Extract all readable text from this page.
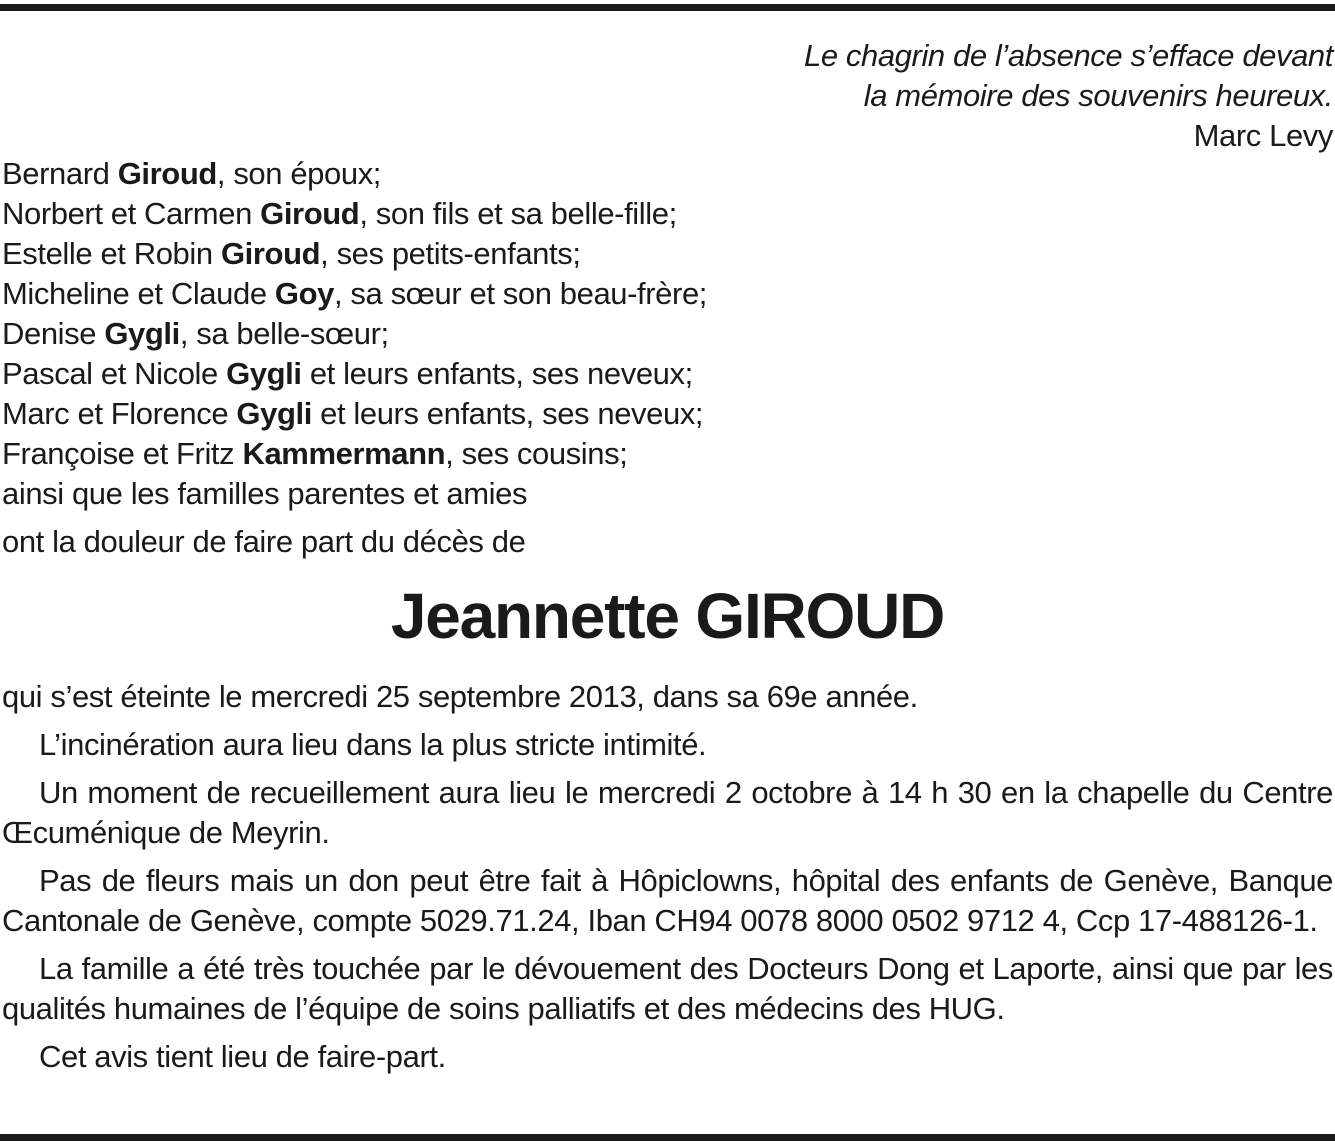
Le chagrin de l’absence s’efface devant
la mémoire des souvenirs heureux.
Marc Levy
Bernard Giroud, son époux;
Norbert et Carmen Giroud, son fils et sa belle-fille;
Estelle et Robin Giroud, ses petits-enfants;
Micheline et Claude Goy, sa sœur et son beau-frère;
Denise Gygli, sa belle-sœur;
Pascal et Nicole Gygli et leurs enfants, ses neveux;
Marc et Florence Gygli et leurs enfants, ses neveux;
Françoise et Fritz Kammermann, ses cousins;
ainsi que les familles parentes et amies
ont la douleur de faire part du décès de
Jeannette GIROUD

qui s’est éteinte le mercredi 25 septembre 2013, dans sa 69e année.

L’incinération aura lieu dans la plus stricte intimité.

Un moment de recueillement aura lieu le mercredi 2 octobre à 14 h 30 en la chapelle du Centre Œcuménique de Meyrin.

Pas de fleurs mais un don peut être fait à Hôpiclowns, hôpital des enfants de Genève, Banque Cantonale de Genève, compte 5029.71.24, Iban CH94 0078 8000 0502 9712 4, Ccp 17-488126-1.

La famille a été très touchée par le dévouement des Docteurs Dong et Laporte, ainsi que par les qualités humaines de l’équipe de soins palliatifs et des médecins des HUG.

Cet avis tient lieu de faire-part.
